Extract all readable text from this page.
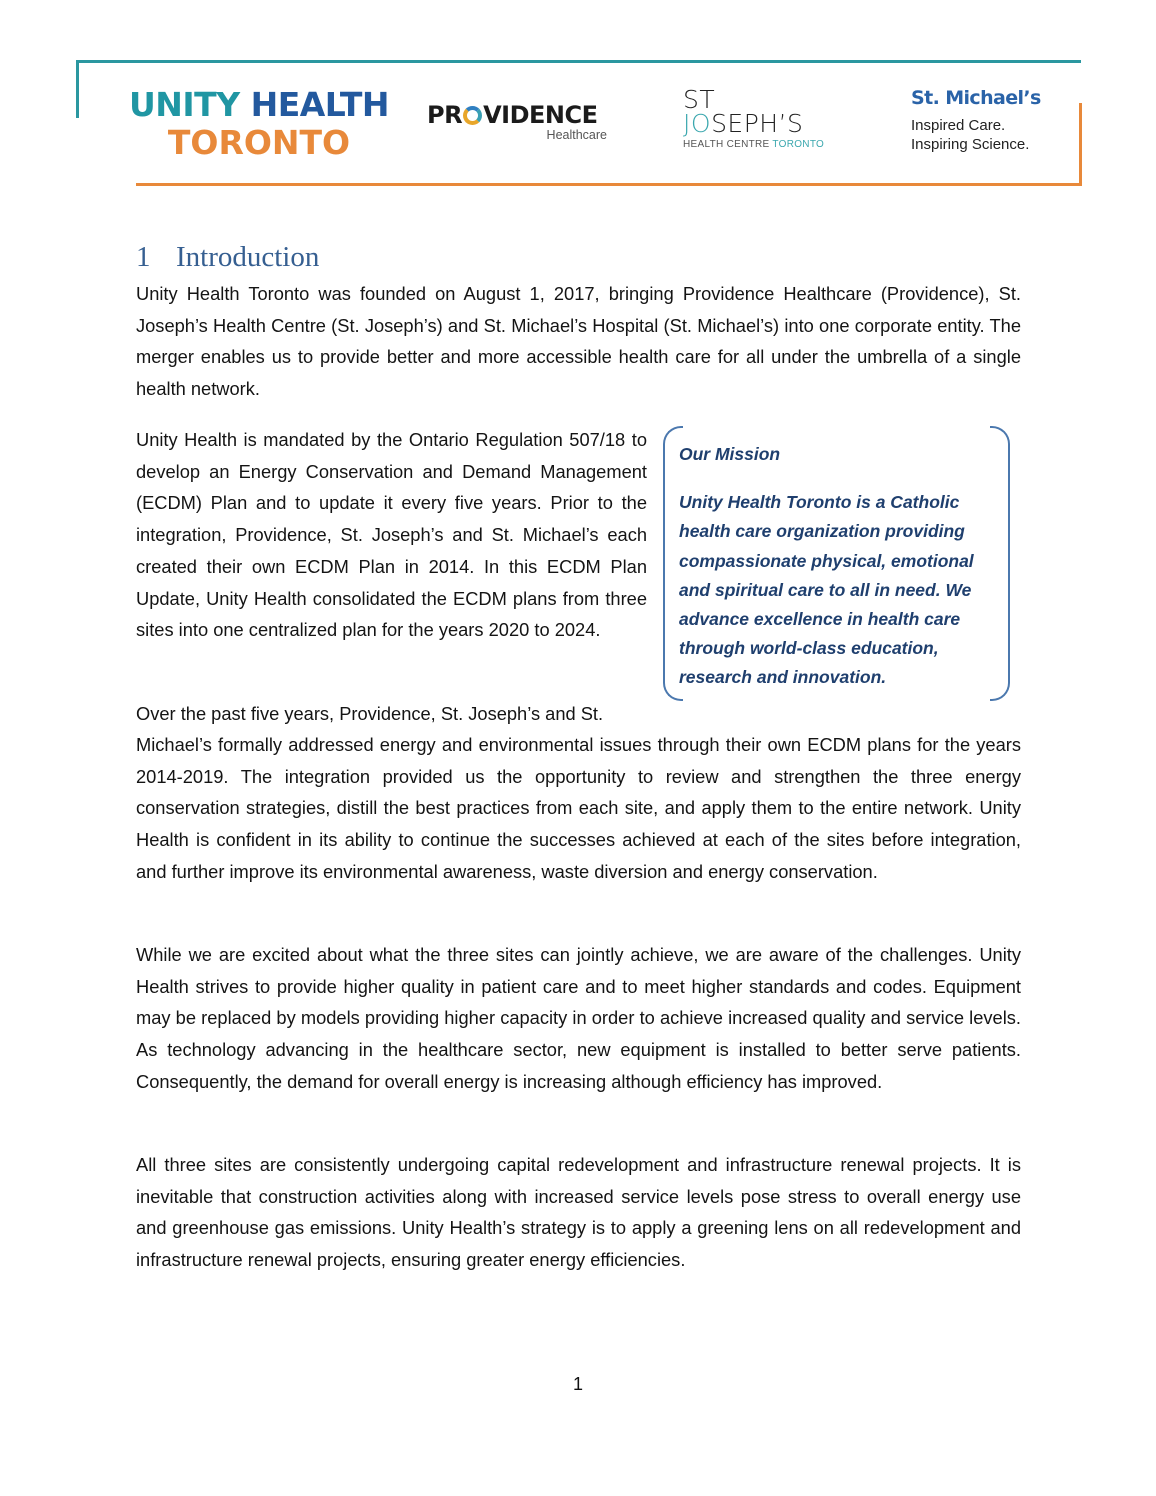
UNITY HEALTH
TORONTO
PR VIDENCE
Healthcare
ST
JOSEPH’S
HEALTH CENTRE TORONTO
St. Michael’s
Inspired Care.
Inspiring Science.
1 Introduction

Unity Health Toronto was founded on August 1, 2017, bringing Providence Healthcare (Providence), St. Joseph’s Health Centre (St. Joseph’s) and St. Michael’s Hospital (St. Michael’s) into one corporate entity. The merger enables us to provide better and more accessible health care for all under the umbrella of a single health network.

Unity Health is mandated by the Ontario Regulation 507/18 to develop an Energy Conservation and Demand Management (ECDM) Plan and to update it every five years. Prior to the integration, Providence, St. Joseph’s and St. Michael’s each created their own ECDM Plan in 2014. In this ECDM Plan Update, Unity Health consolidated the ECDM plans from three sites into one centralized plan for the years 2020 to 2024.

Our Mission

Unity Health Toronto is a Catholic health care organization providing compassionate physical, emotional and spiritual care to all in need. We advance excellence in health care through world-class education, research and innovation.

Over the past five years, Providence, St. Joseph’s and St.

Michael’s formally addressed energy and environmental issues through their own ECDM plans for the years 2014-2019. The integration provided us the opportunity to review and strengthen the three energy conservation strategies, distill the best practices from each site, and apply them to the entire network. Unity Health is confident in its ability to continue the successes achieved at each of the sites before integration, and further improve its environmental awareness, waste diversion and energy conservation.

While we are excited about what the three sites can jointly achieve, we are aware of the challenges. Unity Health strives to provide higher quality in patient care and to meet higher standards and codes. Equipment may be replaced by models providing higher capacity in order to achieve increased quality and service levels. As technology advancing in the healthcare sector, new equipment is installed to better serve patients. Consequently, the demand for overall energy is increasing although efficiency has improved.

All three sites are consistently undergoing capital redevelopment and infrastructure renewal projects. It is inevitable that construction activities along with increased service levels pose stress to overall energy use and greenhouse gas emissions. Unity Health’s strategy is to apply a greening lens on all redevelopment and infrastructure renewal projects, ensuring greater energy efficiencies.

1
